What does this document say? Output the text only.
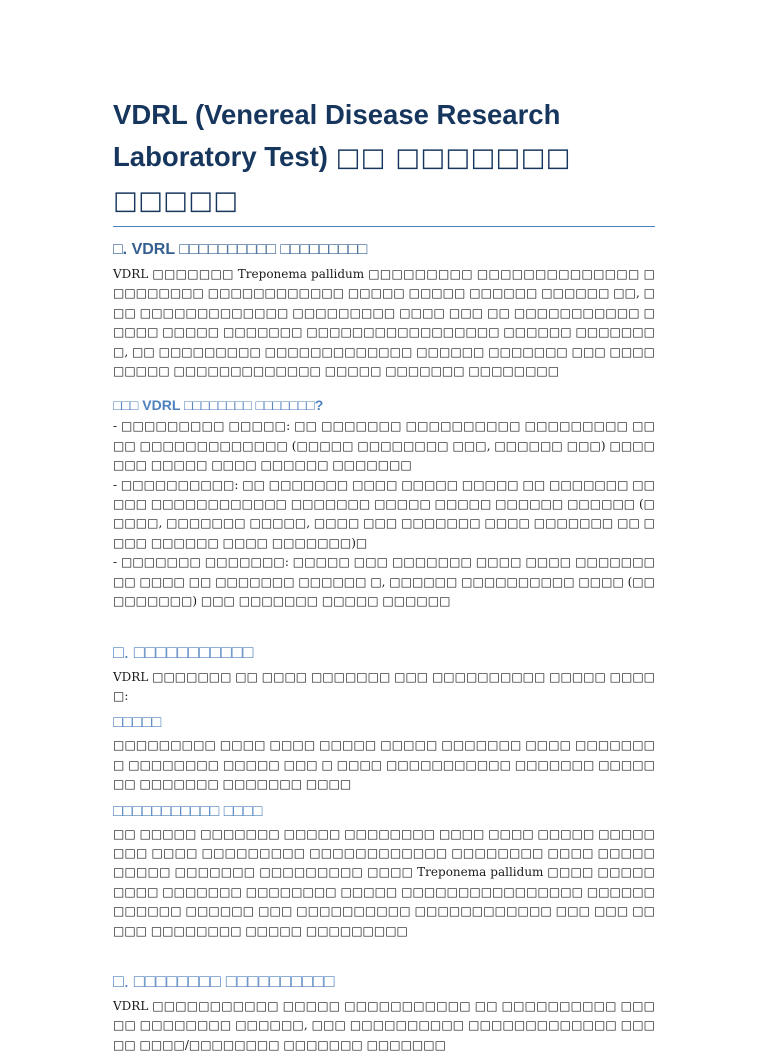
VDRL (Venereal Disease Research
Laboratory Test) □□ □□□□□□□ □□□□□
□. VDRL □□□□□□□□□□ □□□□□□□□□

VDRL □□□□□□□ Treponema pallidum □□□□□□□□□ □□□□□□□□□□□□□□ □□□□□□□□□ □□□□□□□□□□□□ □□□□□ □□□□□ □□□□□□ □□□□□□ □□, □□□ □□□□□□□□□□□□□ □□□□□□□□□ □□□□ □□□ □□ □□□□□□□□□□□ □□□□□ □□□□□ □□□□□□□ □□□□□□□□□□□□□□□□□ □□□□□□ □□□□□□□□, □□ □□□□□□□□□ □□□□□□□□□□□□□ □□□□□□ □□□□□□□ □□□ □□□□□□□□□ □□□□□□□□□□□□□ □□□□□ □□□□□□□ □□□□□□□□

□□□ VDRL □□□□□□□□ □□□□□□□?

- □□□□□□□□□ □□□□□: □□ □□□□□□□ □□□□□□□□□□ □□□□□□□□□ □□□□ □□□□□□□□□□□□□ (□□□□□ □□□□□□□□ □□□, □□□□□□ □□□) □□□□□□□ □□□□□ □□□□ □□□□□□ □□□□□□□

- □□□□□□□□□□: □□ □□□□□□□ □□□□ □□□□□ □□□□□ □□ □□□□□□□ □□□□□ □□□□□□□□□□□□ □□□□□□□ □□□□□ □□□□□ □□□□□□ □□□□□□ (□□□□□, □□□□□□□ □□□□□, □□□□ □□□ □□□□□□□ □□□□ □□□□□□□ □□ □□□□ □□□□□□ □□□□ □□□□□□□)□

- □□□□□□□ □□□□□□□: □□□□□ □□□ □□□□□□□ □□□□ □□□□ □□□□□□□□□ □□□□ □□ □□□□□□□ □□□□□□ □, □□□□□□ □□□□□□□□□□ □□□□ (□□□□□□□□□) □□□ □□□□□□□ □□□□□ □□□□□□

□. □□□□□□□□□□□

VDRL □□□□□□□ □□ □□□□ □□□□□□□ □□□ □□□□□□□□□□ □□□□□ □□□□□:

□□□□□

□□□□□□□□□ □□□□ □□□□ □□□□□ □□□□□ □□□□□□□ □□□□ □□□□□□□□ □□□□□□□□ □□□□□ □□□ □ □□□□ □□□□□□□□□□□ □□□□□□□ □□□□□□□ □□□□□□□ □□□□□□□ □□□□

□□□□□□□□□□□ □□□□

□□ □□□□□ □□□□□□□ □□□□□ □□□□□□□□ □□□□ □□□□ □□□□□ □□□□□□□□ □□□□ □□□□□□□□□ □□□□□□□□□□□□ □□□□□□□□ □□□□ □□□□□ □□□□□ □□□□□□□ □□□□□□□□□ □□□□ Treponema pallidum □□□□ □□□□□□□□□ □□□□□□□ □□□□□□□□ □□□□□ □□□□□□□□□□□□□□□□ □□□□□□□□□□□□ □□□□□□ □□□ □□□□□□□□□□ □□□□□□□□□□□□ □□□ □□□ □□□□□ □□□□□□□□ □□□□□ □□□□□□□□□

□. □□□□□□□□ □□□□□□□□□□

VDRL □□□□□□□□□□□ □□□□□ □□□□□□□□□□□ □□ □□□□□□□□□□ □□□□□ □□□□□□□□ □□□□□□, □□□ □□□□□□□□□□ □□□□□□□□□□□□□ □□□□□ □□□□/□□□□□□□□ □□□□□□□ □□□□□□□
